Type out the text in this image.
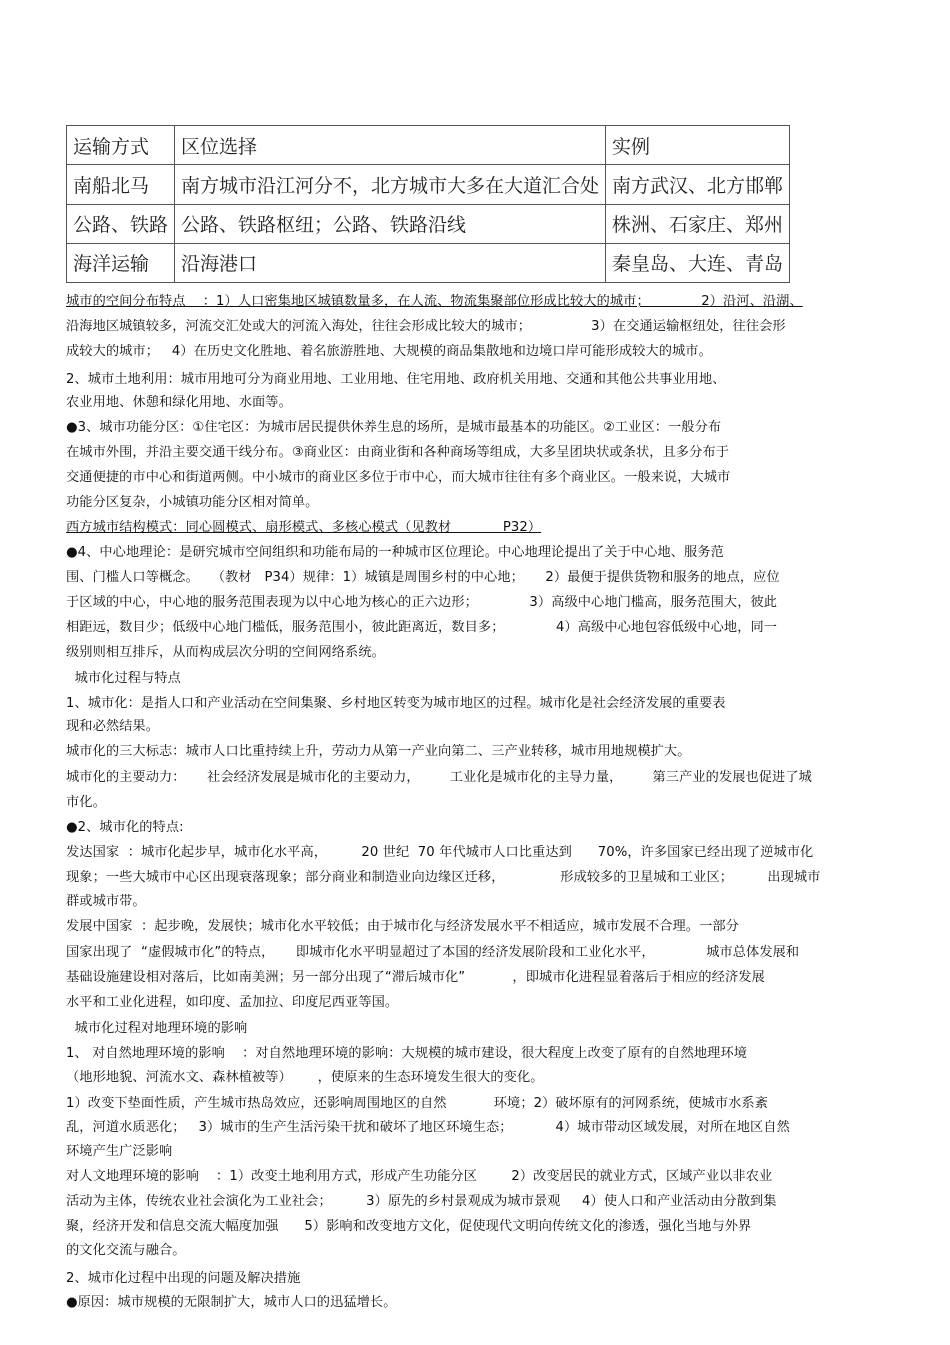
运输方式	区位选择	实例
南船北马	南方城市沿江河分不，北方城市大多在大道汇合处	南方武汉、北方邯郸
公路、铁路	公路、铁路枢纽；公路、铁路沿线	株洲、石家庄、郑州
海洋运输	沿海港口	秦皇岛、大连、青岛
城市的空间分布特点    ：1）人口密集地区城镇数量多，在人流、物流集聚部位形成比较大的城市；            2）沿河、沿湖、
沿海地区城镇较多，河流交汇处或大的河流入海处，往往会形成比较大的城市；              3）在交通运输枢纽处，往往会形
成较大的城市；   4）在历史文化胜地、着名旅游胜地、大规模的商品集散地和边境口岸可能形成较大的城市。
2、城市土地利用：城市用地可分为商业用地、工业用地、住宅用地、政府机关用地、交通和其他公共事业用地、
农业用地、休憩和绿化用地、水面等。
●3、城市功能分区：①住宅区：为城市居民提供休养生息的场所，是城市最基本的功能区。②工业区：一般分布
在城市外围，并沿主要交通干线分布。③商业区：由商业街和各种商场等组成，大多呈团块状或条状，且多分布于
交通便捷的市中心和街道两侧。中小城市的商业区多位于市中心，而大城市往往有多个商业区。一般来说，大城市
功能分区复杂，小城镇功能分区相对简单。
西方城市结构模式：同心圆模式、扇形模式、多核心模式（见教材            P32）
●4、中心地理论：是研究城市空间组织和功能布局的一种城市区位理论。中心地理论提出了关于中心地、服务范
围、门槛人口等概念。   （教材   P34）规律：1）城镇是周围乡村的中心地；     2）最便于提供货物和服务的地点，应位
于区域的中心，中心地的服务范围表现为以中心地为核心的正六边形；            3）高级中心地门槛高，服务范围大，彼此
相距远，数目少；低级中心地门槛低，服务范围小，彼此距离近，数目多；            4）高级中心地包容低级中心地，同一
级别则相互排斥，从而构成层次分明的空间网络系统。
城市化过程与特点
1、城市化：是指人口和产业活动在空间集聚、乡村地区转变为城市地区的过程。城市化是社会经济发展的重要表
现和必然结果。
城市化的三大标志：城市人口比重持续上升，劳动力从第一产业向第二、三产业转移，城市用地规模扩大。
城市化的主要动力：     社会经济发展是城市化的主要动力，       工业化是城市化的主导力量，       第三产业的发展也促进了城
市化。
●2、城市化的特点:
发达国家  ：城市化起步早，城市化水平高，        20 世纪  70 年代城市人口比重达到      70%，许多国家已经出现了逆城市化
现象；一些大城市中心区出现衰落现象；部分商业和制造业向边缘区迁移，             形成较多的卫星城和工业区；        出现城市
群或城市带。
发展中国家  ：起步晚，发展快；城市化水平较低；由于城市化与经济发展水平不相适应，城市发展不合理。一部分
国家出现了  “虚假城市化”的特点，     即城市化水平明显超过了本国的经济发展阶段和工业化水平，            城市总体发展和
基础设施建设相对落后，比如南美洲；另一部分出现了“滞后城市化”           ，即城市化进程显着落后于相应的经济发展
水平和工业化进程，如印度、孟加拉、印度尼西亚等国。
城市化过程对地理环境的影响
1、 对自然地理环境的影响    ：对自然地理环境的影响：大规模的城市建设，很大程度上改变了原有的自然地理环境
（地形地貌、河流水文、森林植被等）      ，使原来的生态环境发生很大的变化。
1）改变下垫面性质，产生城市热岛效应，还影响周围地区的自然           环境；2）破坏原有的河网系统，使城市水系紊
乱，河道水质恶化；   3）城市的生产生活污染干扰和破坏了地区环境生态；          4）城市带动区域发展，对所在地区自然
环境产生广泛影响
对人文地理环境的影响    ：1）改变土地利用方式，形成产生功能分区        2）改变居民的就业方式，区域产业以非农业
活动为主体，传统农业社会演化为工业社会；        3）原先的乡村景观成为城市景观     4）使人口和产业活动由分散到集
聚，经济开发和信息交流大幅度加强      5）影响和改变地方文化，促使现代文明向传统文化的渗透，强化当地与外界
的文化交流与融合。
2、城市化过程中出现的问题及解决措施
●原因：城市规模的无限制扩大，城市人口的迅猛增长。
